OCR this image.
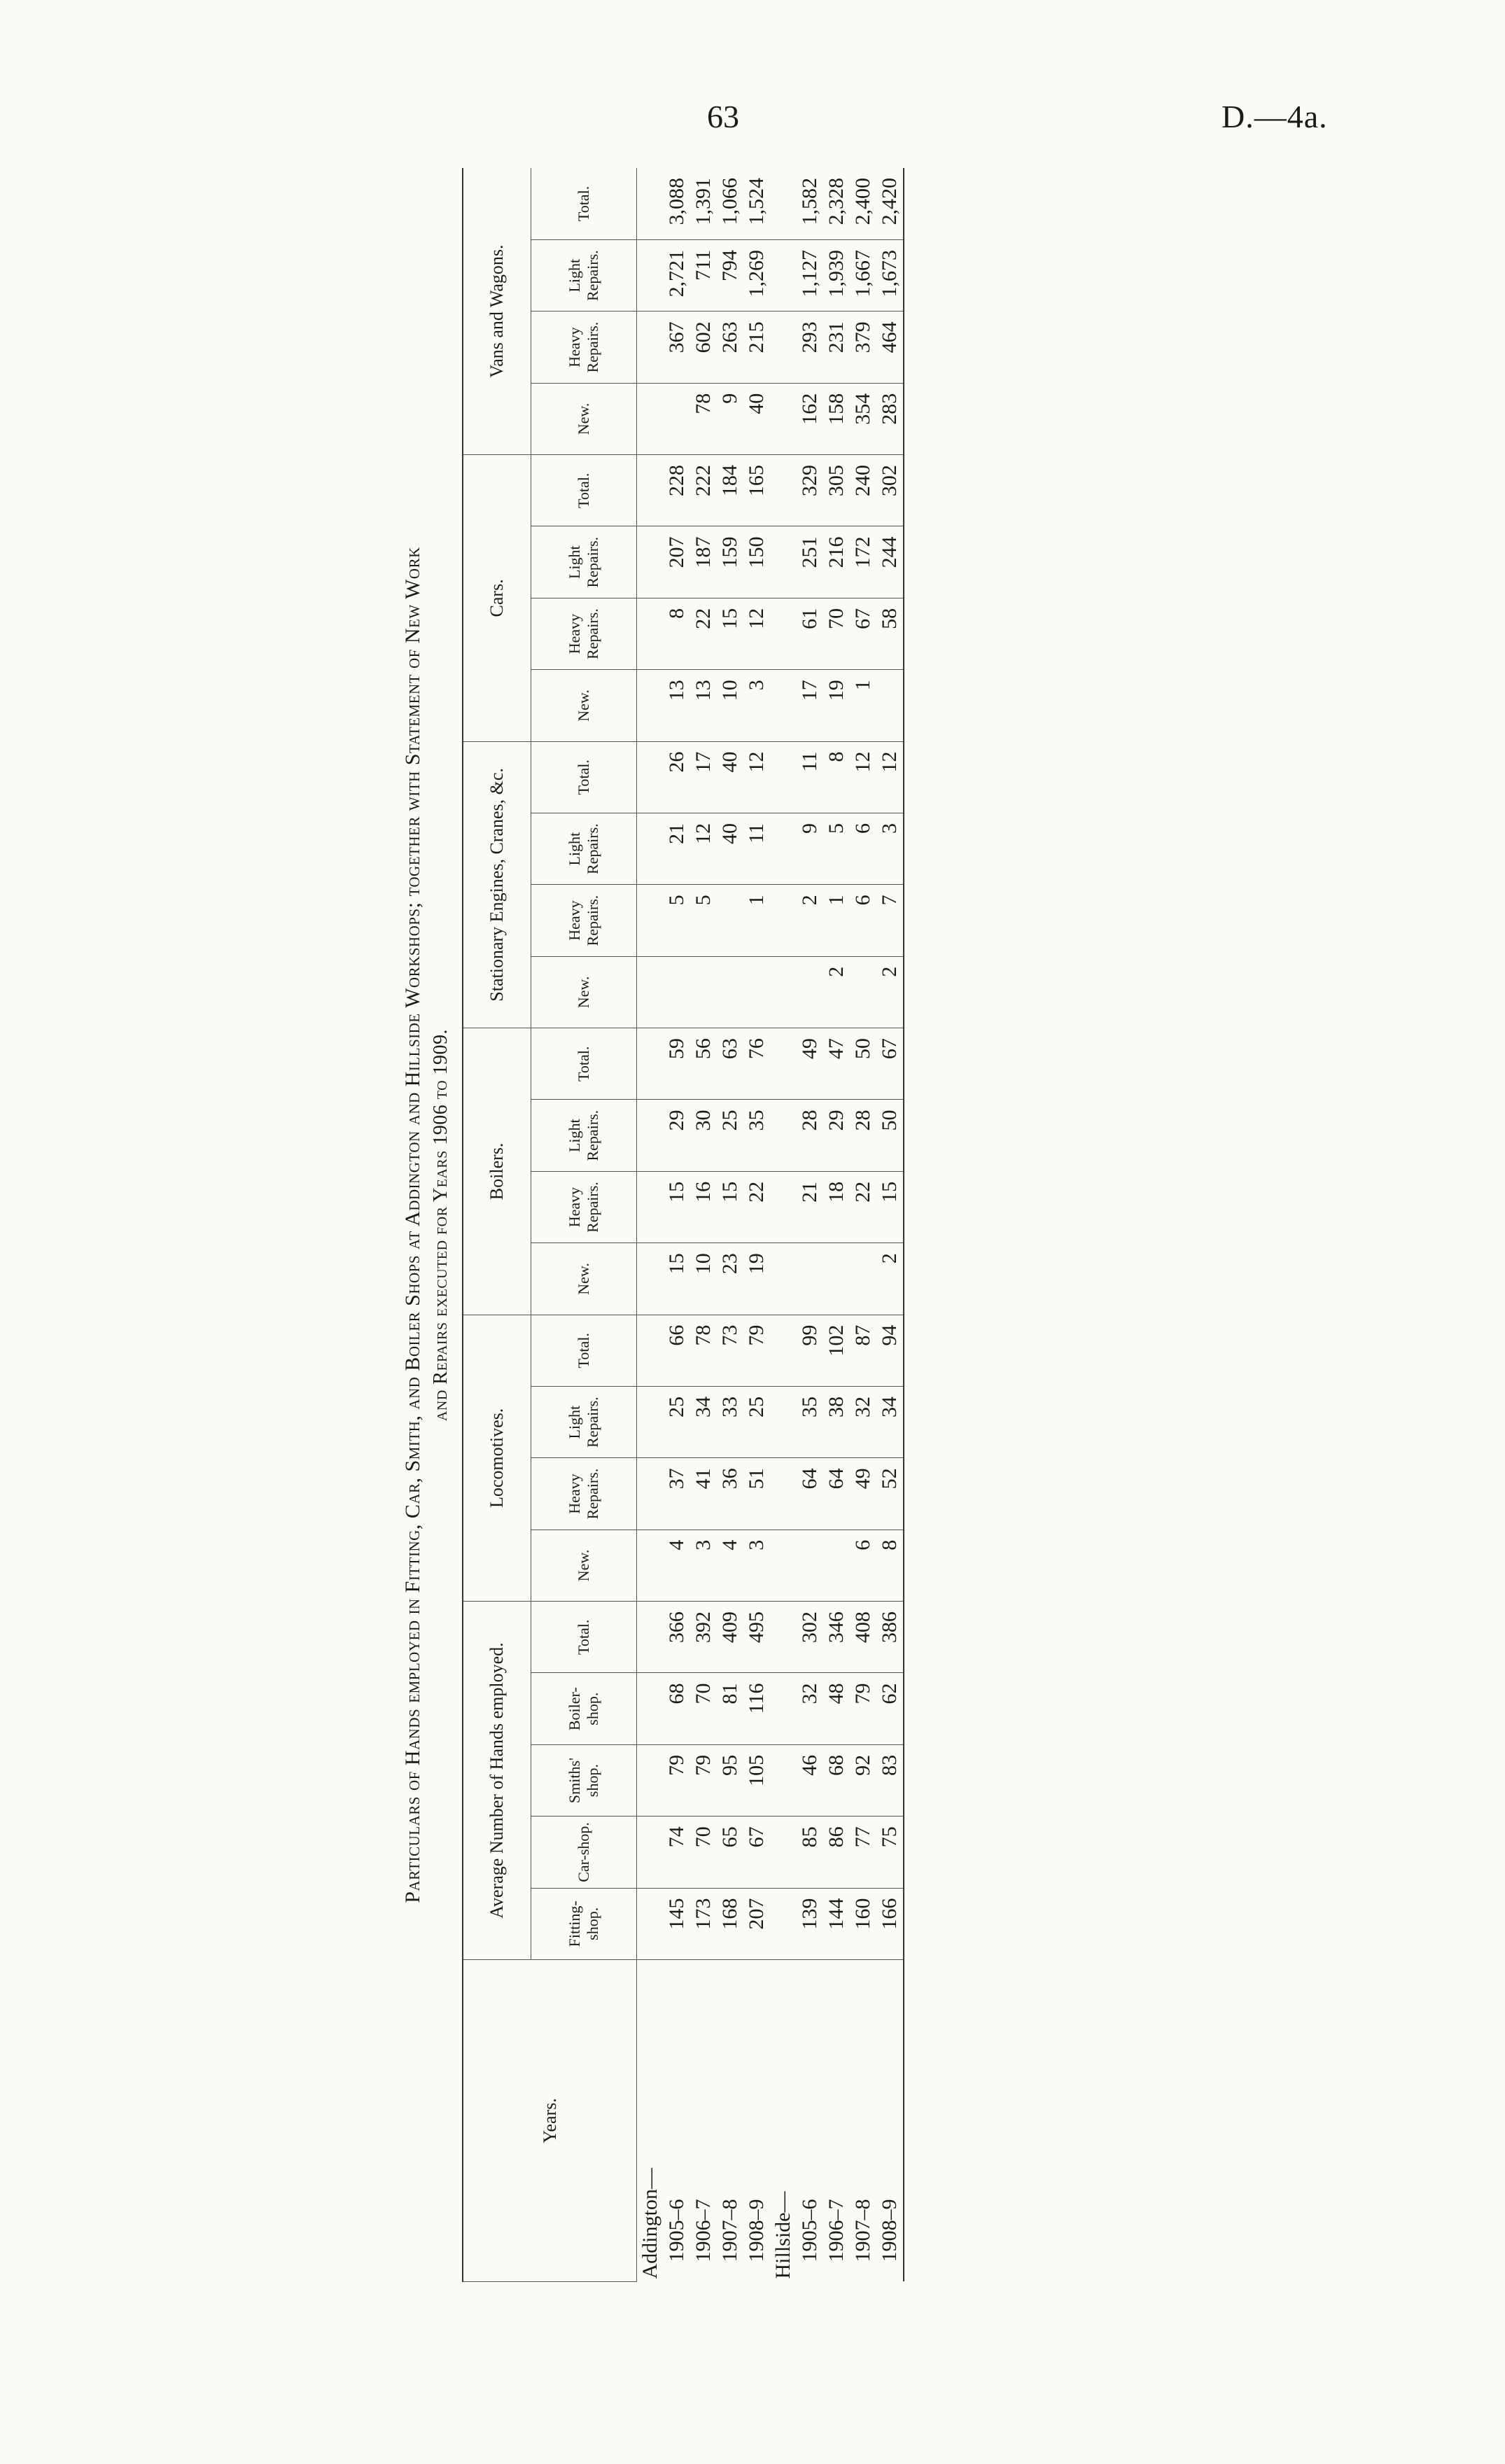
63	D.—4a.
Particulars of Hands employed in Fitting, Car, Smith, and Boiler Shops at Addington and Hillside Workshops; together with Statement of New Work and Repairs executed for Years 1906 to 1909.
Years.	Average Number of Hands employed.					Locomotives.				Boilers.				Stationary Engines, Cranes, &c.				Cars.				Vans and Wagons.			
	Fitting-shop.	Car-shop.	Smiths' shop.	Boiler-shop.	Total.	New.	Heavy Repairs.	Light Repairs.	Total.	New.	Heavy Repairs.	Light Repairs.	Total.	New.	Heavy Repairs.	Light Repairs.	Total.	New.	Heavy Repairs.	Light Repairs.	Total.	New.	Heavy Repairs.	Light Repairs.	Total.
Addington—																									
1905–6	145	74	79	68	366	4	37	25	66	15	15	29	59		5	21	26	13	8	207	228		367	2,721	3,088
1906–7	173	70	79	70	392	3	41	34	78	10	16	30	56		5	12	17	13	22	187	222	78	602	711	1,391
1907–8	168	65	95	81	409	4	36	33	73	23	15	25	63			40	40	10	15	159	184	9	263	794	1,066
1908–9	207	67	105	116	495	3	51	25	79	19	22	35	76		1	11	12	3	12	150	165	40	215	1,269	1,524
Hillside—																									
1905–6	139	85	46	32	302		64	35	99		21	28	49		2	9	11	17	61	251	329	162	293	1,127	1,582
1906–7	144	86	68	48	346		64	38	102		18	29	47	2	1	5	8	19	70	216	305	158	231	1,939	2,328
1907–8	160	77	92	79	408	6	49	32	87		22	28	50		6	6	12	1	67	172	240	354	379	1,667	2,400
1908–9	166	75	83	62	386	8	52	34	94	2	15	50	67	2	7	3	12		58	244	302	283	464	1,673	2,420
